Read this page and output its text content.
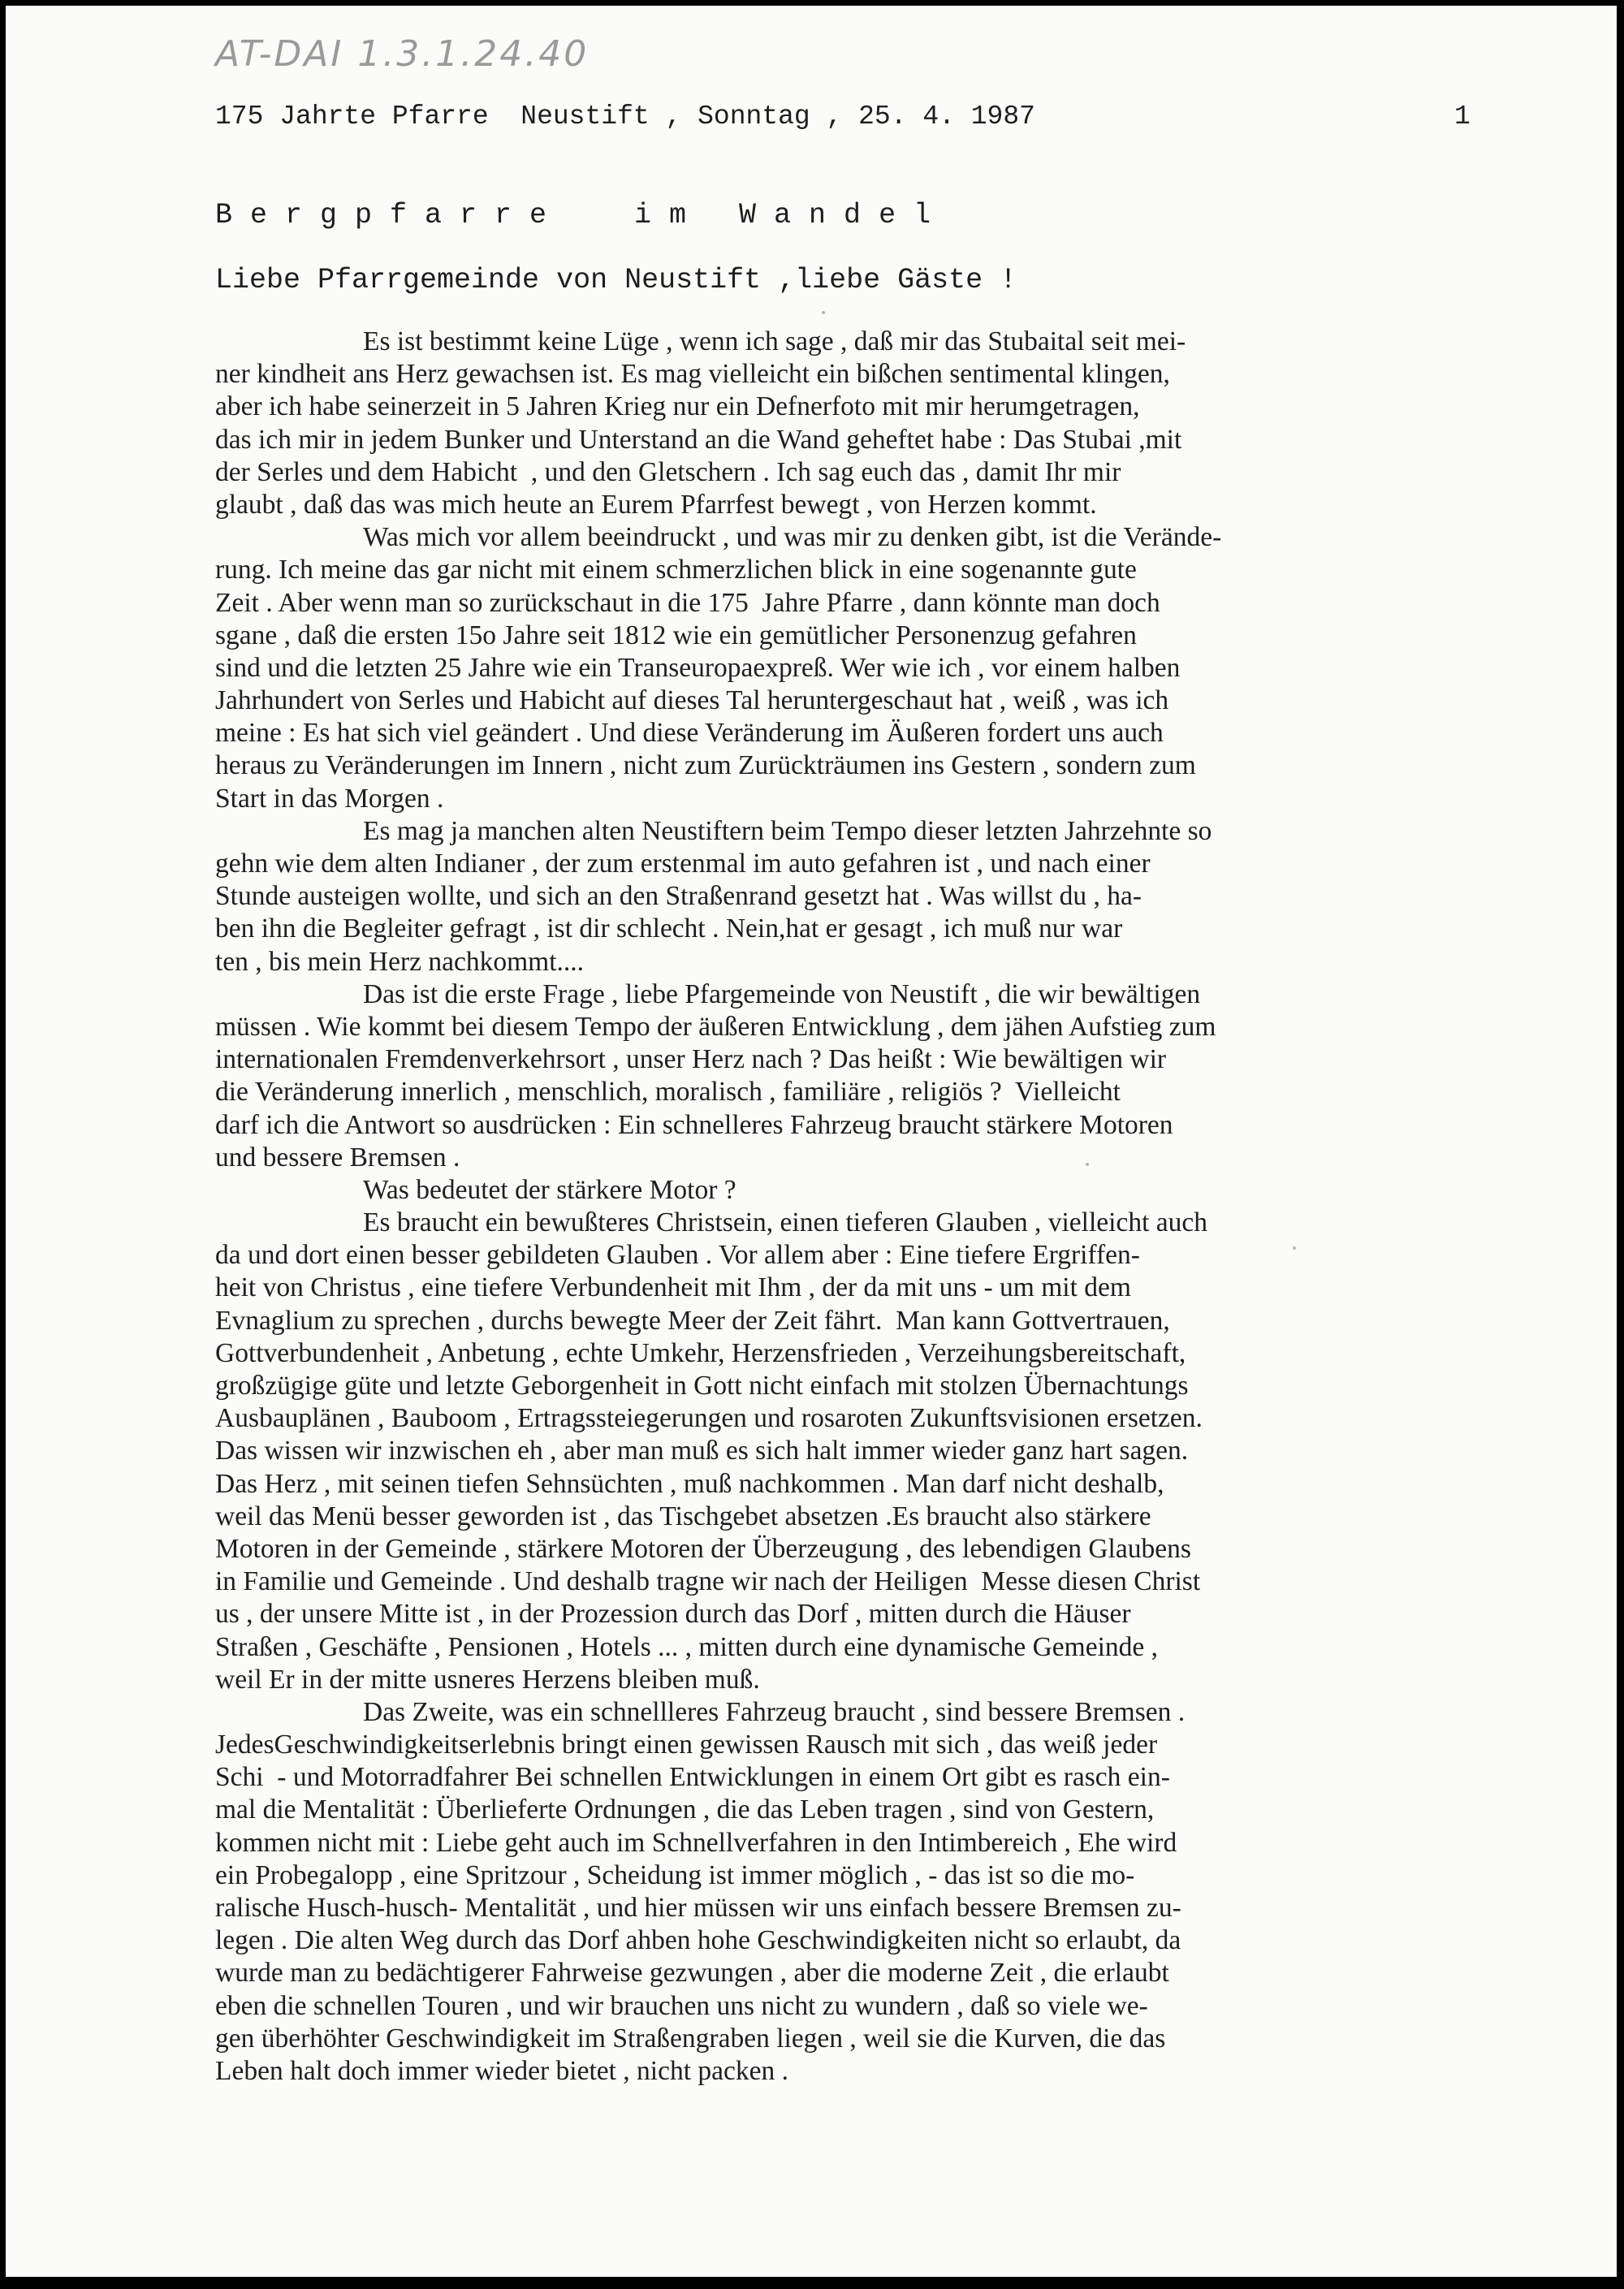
AT-DAI 1.3.1.24.40
175 Jahrte Pfarre  Neustift , Sonntag , 25. 4. 1987	1
Bergpfarre  im Wandel
Liebe Pfarrgemeinde von Neustift ,liebe Gäste !
Es ist bestimmt keine Lüge , wenn ich sage , daß mir das Stubaital seit mei-
ner kindheit ans Herz gewachsen ist. Es mag vielleicht ein bißchen sentimental klingen,
aber ich habe seinerzeit in 5 Jahren Krieg nur ein Defnerfoto mit mir herumgetragen,
das ich mir in jedem Bunker und Unterstand an die Wand geheftet habe : Das Stubai ,mit
der Serles und dem Habicht  , und den Gletschern . Ich sag euch das , damit Ihr mir
glaubt , daß das was mich heute an Eurem Pfarrfest bewegt , von Herzen kommt.
Was mich vor allem beeindruckt , und was mir zu denken gibt, ist die Verände-
rung. Ich meine das gar nicht mit einem schmerzlichen blick in eine sogenannte gute
Zeit . Aber wenn man so zurückschaut in die 175  Jahre Pfarre , dann könnte man doch
sgane , daß die ersten 15o Jahre seit 1812 wie ein gemütlicher Personenzug gefahren
sind und die letzten 25 Jahre wie ein Transeuropaexpreß. Wer wie ich , vor einem halben
Jahrhundert von Serles und Habicht auf dieses Tal heruntergeschaut hat , weiß , was ich
meine : Es hat sich viel geändert . Und diese Veränderung im Äußeren fordert uns auch
heraus zu Veränderungen im Innern , nicht zum Zurückträumen ins Gestern , sondern zum
Start in das Morgen .
Es mag ja manchen alten Neustiftern beim Tempo dieser letzten Jahrzehnte so
gehn wie dem alten Indianer , der zum erstenmal im auto gefahren ist , und nach einer
Stunde austeigen wollte, und sich an den Straßenrand gesetzt hat . Was willst du , ha-
ben ihn die Begleiter gefragt , ist dir schlecht . Nein,hat er gesagt , ich muß nur war
ten , bis mein Herz nachkommt....
Das ist die erste Frage , liebe Pfargemeinde von Neustift , die wir bewältigen
müssen . Wie kommt bei diesem Tempo der äußeren Entwicklung , dem jähen Aufstieg zum
internationalen Fremdenverkehrsort , unser Herz nach ? Das heißt : Wie bewältigen wir
die Veränderung innerlich , menschlich, moralisch , familiäre , religiös ?  Vielleicht
darf ich die Antwort so ausdrücken : Ein schnelleres Fahrzeug braucht stärkere Motoren
und bessere Bremsen .
Was bedeutet der stärkere Motor ?
Es braucht ein bewußteres Christsein, einen tieferen Glauben , vielleicht auch
da und dort einen besser gebildeten Glauben . Vor allem aber : Eine tiefere Ergriffen-
heit von Christus , eine tiefere Verbundenheit mit Ihm , der da mit uns - um mit dem
Evnaglium zu sprechen , durchs bewegte Meer der Zeit fährt.  Man kann Gottvertrauen,
Gottverbundenheit , Anbetung , echte Umkehr, Herzensfrieden , Verzeihungsbereitschaft,
großzügige güte und letzte Geborgenheit in Gott nicht einfach mit stolzen Übernachtungs
Ausbauplänen , Bauboom , Ertragssteiegerungen und rosaroten Zukunftsvisionen ersetzen.
Das wissen wir inzwischen eh , aber man muß es sich halt immer wieder ganz hart sagen.
Das Herz , mit seinen tiefen Sehnsüchten , muß nachkommen . Man darf nicht deshalb,
weil das Menü besser geworden ist , das Tischgebet absetzen .Es braucht also stärkere
Motoren in der Gemeinde , stärkere Motoren der Überzeugung , des lebendigen Glaubens
in Familie und Gemeinde . Und deshalb tragne wir nach der Heiligen  Messe diesen Christ
us , der unsere Mitte ist , in der Prozession durch das Dorf , mitten durch die Häuser
Straßen , Geschäfte , Pensionen , Hotels ... , mitten durch eine dynamische Gemeinde ,
weil Er in der mitte usneres Herzens bleiben muß.
Das Zweite, was ein schnellleres Fahrzeug braucht , sind bessere Bremsen .
JedesGeschwindigkeitserlebnis bringt einen gewissen Rausch mit sich , das weiß jeder
Schi  - und Motorradfahrer Bei schnellen Entwicklungen in einem Ort gibt es rasch ein-
mal die Mentalität : Überlieferte Ordnungen , die das Leben tragen , sind von Gestern,
kommen nicht mit : Liebe geht auch im Schnellverfahren in den Intimbereich , Ehe wird
ein Probegalopp , eine Spritzour , Scheidung ist immer möglich , - das ist so die mo-
ralische Husch-husch- Mentalität , und hier müssen wir uns einfach bessere Bremsen zu-
legen . Die alten Weg durch das Dorf ahben hohe Geschwindigkeiten nicht so erlaubt, da
wurde man zu bedächtigerer Fahrweise gezwungen , aber die moderne Zeit , die erlaubt
eben die schnellen Touren , und wir brauchen uns nicht zu wundern , daß so viele we-
gen überhöhter Geschwindigkeit im Straßengraben liegen , weil sie die Kurven, die das
Leben halt doch immer wieder bietet , nicht packen .
